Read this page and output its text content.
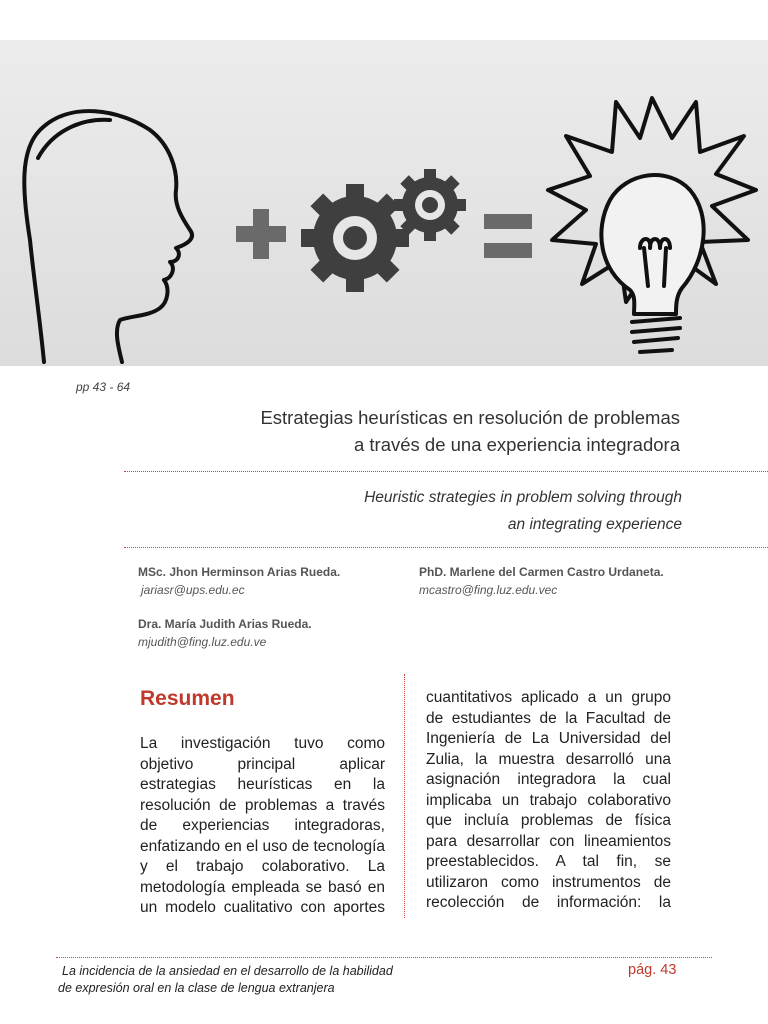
pp 43 - 64
Estrategias heurísticas en resolución de problemas
a través de una experiencia integradora
Heuristic strategies in problem solving through
an integrating experience
MSc. Jhon Herminson Arias Rueda.
jariasr@ups.edu.ec
PhD. Marlene del Carmen Castro Urdaneta.
mcastro@fing.luz.edu.vec
Dra. María Judith Arias Rueda.
mjudith@fing.luz.edu.ve
Resumen
La investigación tuvo como
objetivo principal aplicar
estrategias heurísticas en la
resolución de problemas a través
de experiencias integradoras,
enfatizando en el uso de tecnología
y el trabajo colaborativo. La
metodología empleada se basó en
un modelo cualitativo con aportes
cuantitativos aplicado a un grupo
de estudiantes de la Facultad de
Ingeniería de La Universidad del
Zulia, la muestra desarrolló una
asignación integradora la cual
implicaba un trabajo colaborativo
que incluía problemas de física
para desarrollar con lineamientos
preestablecidos. A tal fin, se
utilizaron como instrumentos de
recolección de información: la
La incidencia de la ansiedad en el desarrollo de la habilidad
de expresión oral en la clase de lengua extranjera
pág. 43
